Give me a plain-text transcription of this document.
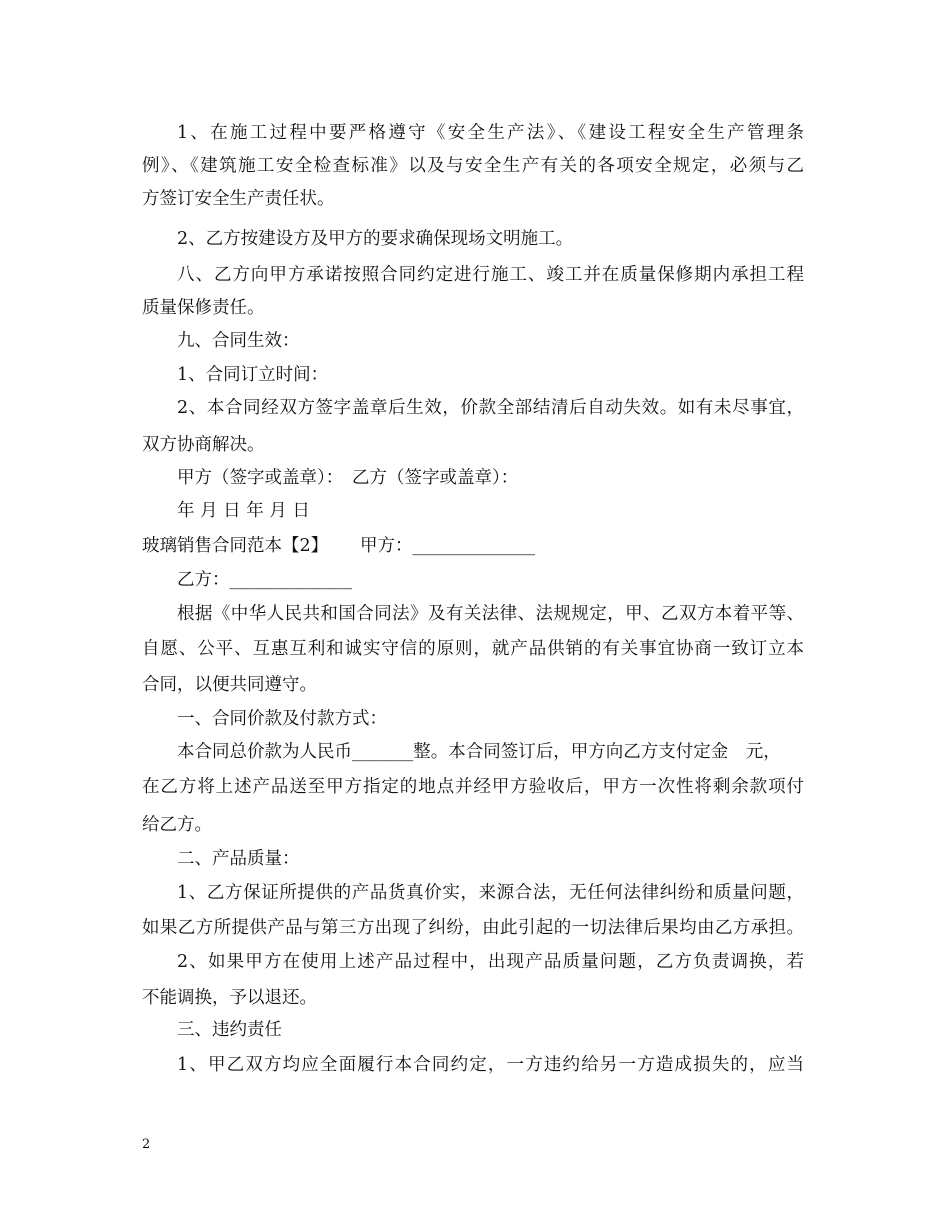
1、在施工过程中要严格遵守《安全生产法》、《建设工程安全生产管理条
例》、《建筑施工安全检查标准》以及与安全生产有关的各项安全规定，必须与乙
方签订安全生产责任状。
2、乙方按建设方及甲方的要求确保现场文明施工。
八、乙方向甲方承诺按照合同约定进行施工、竣工并在质量保修期内承担工程
质量保修责任。
九、合同生效：
1、合同订立时间：
2、本合同经双方签字盖章后生效，价款全部结清后自动失效。如有未尽事宜，
双方协商解决。
甲方（签字或盖章）：　乙方（签字或盖章）：
年 月 日 年 月 日
玻璃销售合同范本【2】　　 甲方：______________
乙方：______________
根据《中华人民共和国合同法》及有关法律、法规规定，甲、乙双方本着平等、
自愿、公平、互惠互利和诚实守信的原则，就产品供销的有关事宜协商一致订立本
合同，以便共同遵守。
一、合同价款及付款方式：
本合同总价款为人民币_______整。本合同签订后，甲方向乙方支付定金　元，
在乙方将上述产品送至甲方指定的地点并经甲方验收后，甲方一次性将剩余款项付
给乙方。
二、产品质量：
1、乙方保证所提供的产品货真价实，来源合法，无任何法律纠纷和质量问题，
如果乙方所提供产品与第三方出现了纠纷，由此引起的一切法律后果均由乙方承担。
2、如果甲方在使用上述产品过程中，出现产品质量问题，乙方负责调换，若
不能调换，予以退还。
三、违约责任
1、甲乙双方均应全面履行本合同约定，一方违约给另一方造成损失的，应当
2
